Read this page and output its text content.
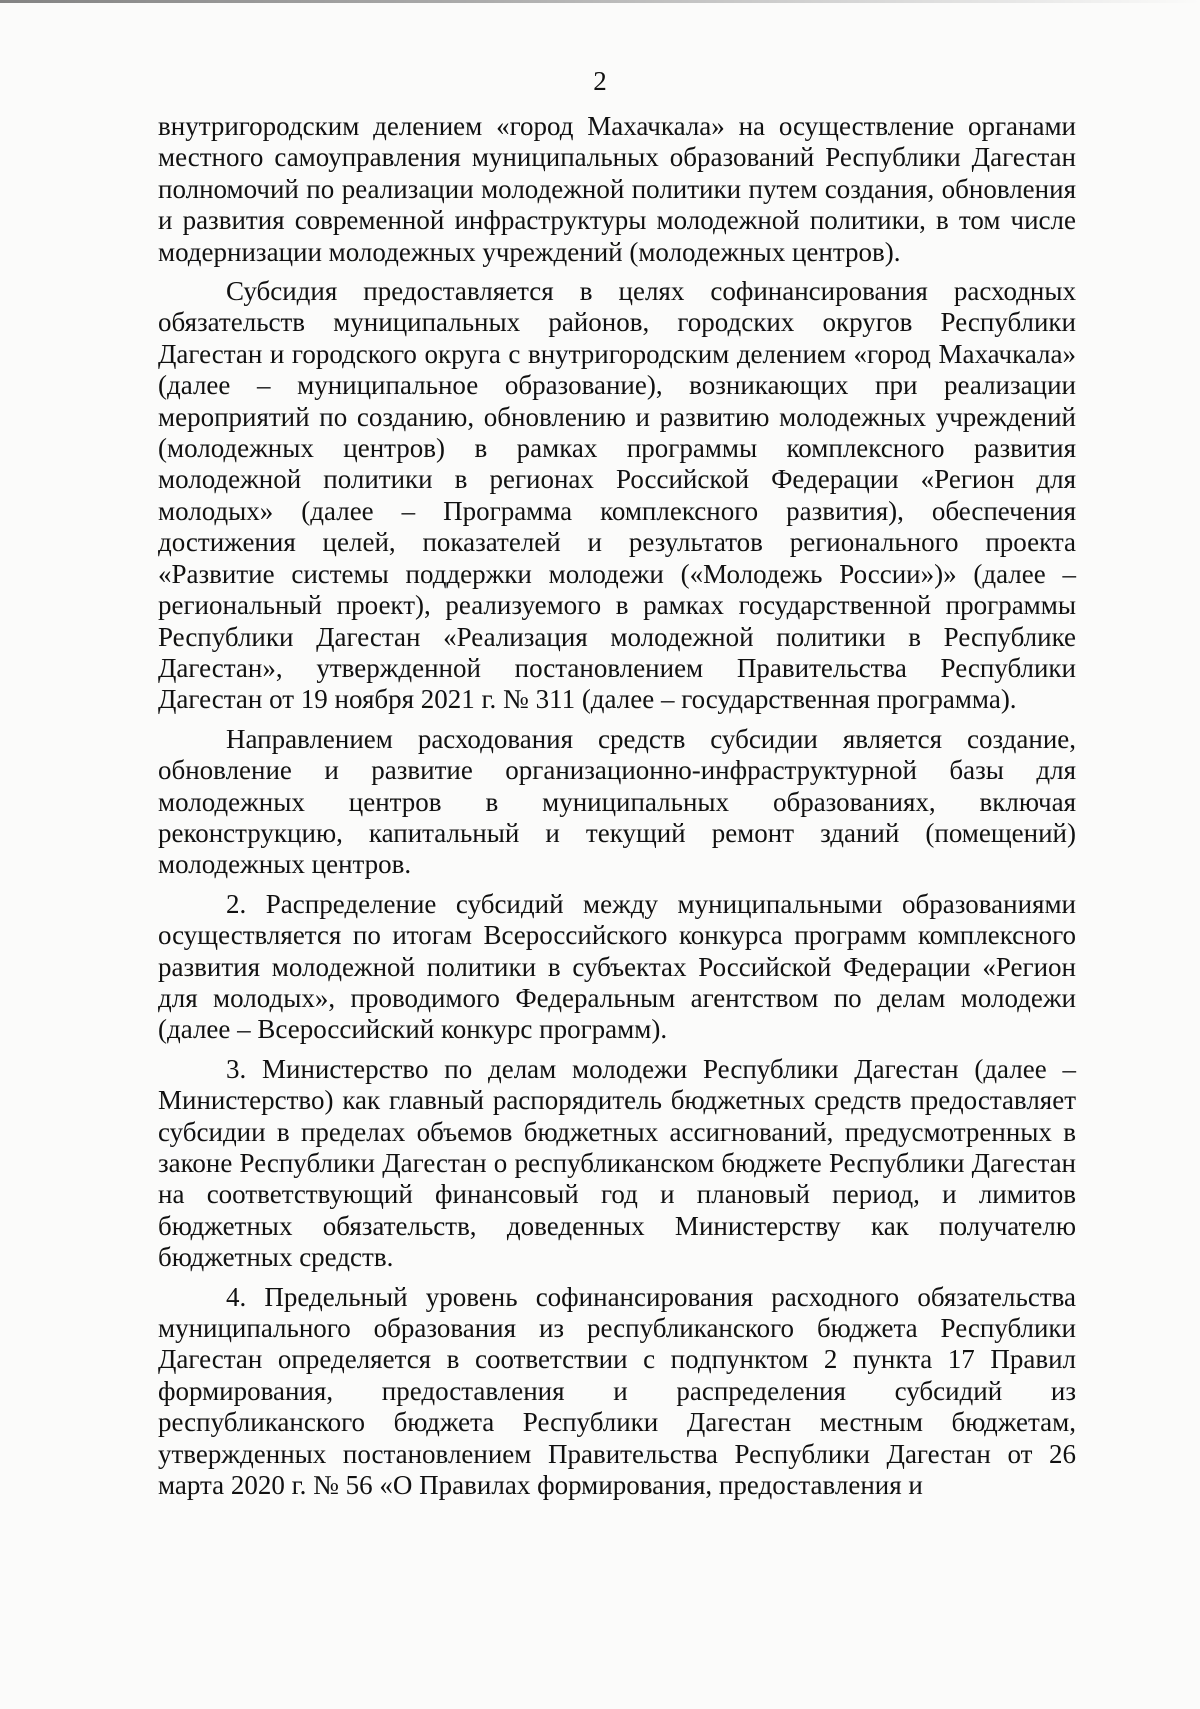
2

внутригородским делением «город Махачкала» на осуществление органами местного самоуправления муниципальных образований Республики Дагестан полномочий по реализации молодежной политики путем создания, обновления и развития современной инфраструктуры молодежной политики, в том числе модернизации молодежных учреждений (молодежных центров).

Субсидия предоставляется в целях софинансирования расходных обязательств муниципальных районов, городских округов Республики Дагестан и городского округа с внутригородским делением «город Махачкала» (далее – муниципальное образование), возникающих при реализации мероприятий по созданию, обновлению и развитию молодежных учреждений (молодежных центров) в рамках программы комплексного развития молодежной политики в регионах Российской Федерации «Регион для молодых» (далее – Программа комплексного развития), обеспечения достижения целей, показателей и результатов регионального проекта «Развитие системы поддержки молодежи («Молодежь России»)» (далее – региональный проект), реализуемого в рамках государственной программы Республики Дагестан «Реализация молодежной политики в Республике Дагестан», утвержденной постановлением Правительства Республики Дагестан от 19 ноября 2021 г. № 311 (далее – государственная программа).

Направлением расходования средств субсидии является создание, обновление и развитие организационно-инфраструктурной базы для молодежных центров в муниципальных образованиях, включая реконструкцию, капитальный и текущий ремонт зданий (помещений) молодежных центров.

2. Распределение субсидий между муниципальными образованиями осуществляется по итогам Всероссийского конкурса программ комплексного развития молодежной политики в субъектах Российской Федерации «Регион для молодых», проводимого Федеральным агентством по делам молодежи (далее – Всероссийский конкурс программ).

3. Министерство по делам молодежи Республики Дагестан (далее – Министерство) как главный распорядитель бюджетных средств предоставляет субсидии в пределах объемов бюджетных ассигнований, предусмотренных в законе Республики Дагестан о республиканском бюджете Республики Дагестан на соответствующий финансовый год и плановый период, и лимитов бюджетных обязательств, доведенных Министерству как получателю бюджетных средств.

4. Предельный уровень софинансирования расходного обязательства муниципального образования из республиканского бюджета Республики Дагестан определяется в соответствии с подпунктом 2 пункта 17 Правил формирования, предоставления и распределения субсидий из республиканского бюджета Республики Дагестан местным бюджетам, утвержденных постановлением Правительства Республики Дагестан от 26 марта 2020 г. № 56 «О Правилах формирования, предоставления и
